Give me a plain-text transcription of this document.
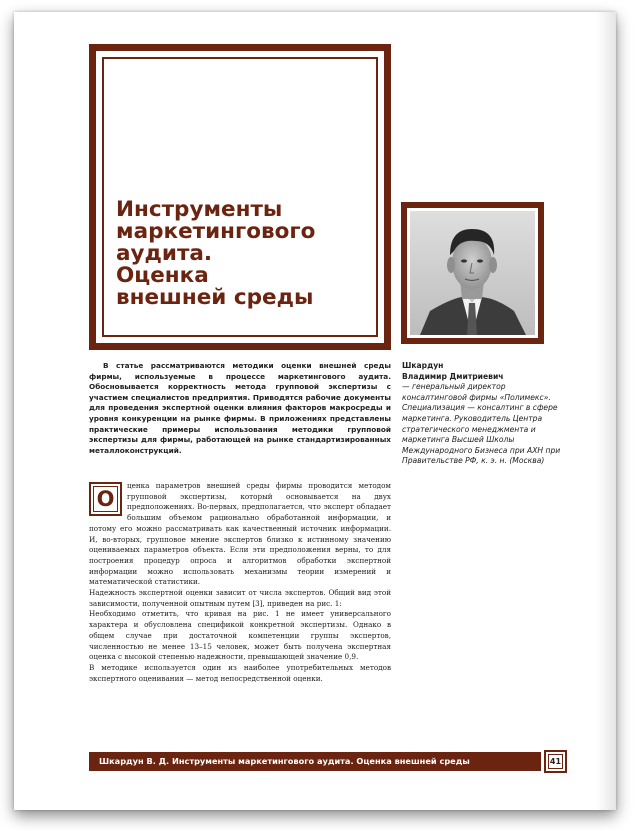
Инструменты
маркетингового
аудита.
Оценка
внешней среды
В статье рассматриваются методики оценки внешней среды фирмы, используемые в процессе маркетингового аудита. Обосновывается корректность метода групповой экспертизы с участием специалистов предприятия. Приводятся рабочие документы для проведения экспертной оценки влияния факторов макросреды и уровня конкуренции на рынке фирмы. В приложениях представлены практические примеры использования методики групповой экспертизы для фирмы, работающей на рынке стандартизированных металлоконструкций.
Шкардун
Владимир Дмитриевич
— генеральный директор консалтинговой фирмы «Полимекс». Специализация — консалтинг в сфере маркетинга. Руководитель Центра стратегического менеджмента и маркетинга Высшей Школы Международного Бизнеса при АХН при Правительстве РФ, к. э. н. (Москва)
О

ценка параметров внешней среды фирмы проводится методом групповой экспертизы, который основывается на двух предположениях. Во-первых, предполагается, что эксперт обладает большим объемом рационально обработанной информации, и потому его можно рассматривать как качественный источник информации. И, во-вторых, групповое мнение экспертов близко к истинному значению оцениваемых параметров объекта. Если эти предположения верны, то для построения процедур опроса и алгоритмов обработки экспертной информации можно использовать механизмы теории измерений и математической статистики.

Надежность экспертной оценки зависит от числа экспертов. Общий вид этой зависимости, полученной опытным путем [3], приведен на рис. 1:

Необходимо отметить, что кривая на рис. 1 не имеет универсального характера и обусловлена спецификой конкретной экспертизы. Однако в общем случае при достаточной компетенции группы экспертов, численностью не менее 13–15 человек, может быть получена экспертная оценка с высокой степенью надежности, превышающей значение 0,9.

В методике используется один из наиболее употребительных методов экспертного оценивания — метод непосредственной оценки.

Шкардун В. Д. Инструменты маркетингового аудита. Оценка внешней среды	41
